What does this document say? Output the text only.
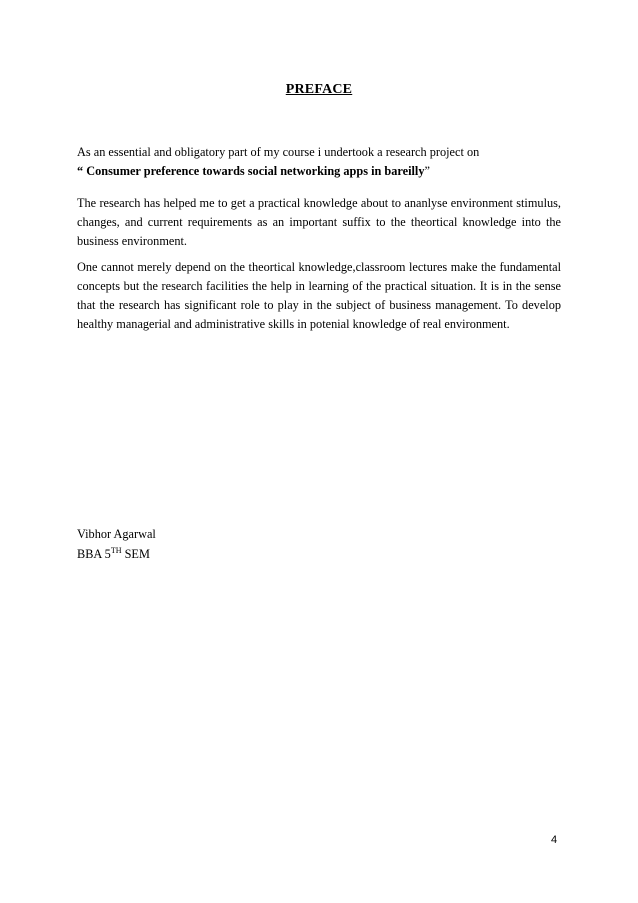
PREFACE
As an essential and obligatory part of my course i undertook a research project on
“ Consumer preference towards social networking apps in bareilly”
The research has helped me to get a practical knowledge about to ananlyse environment stimulus, changes, and current requirements as an important suffix to the theortical knowledge into the business environment.
One cannot merely depend on the theortical knowledge,classroom lectures make the fundamental concepts but the research facilities the help in learning of the practical situation. It is in the sense that the research has significant role to play in the subject of business management. To develop healthy managerial and administrative skills in potenial knowledge of real environment.
Vibhor Agarwal
BBA 5TH SEM
4
